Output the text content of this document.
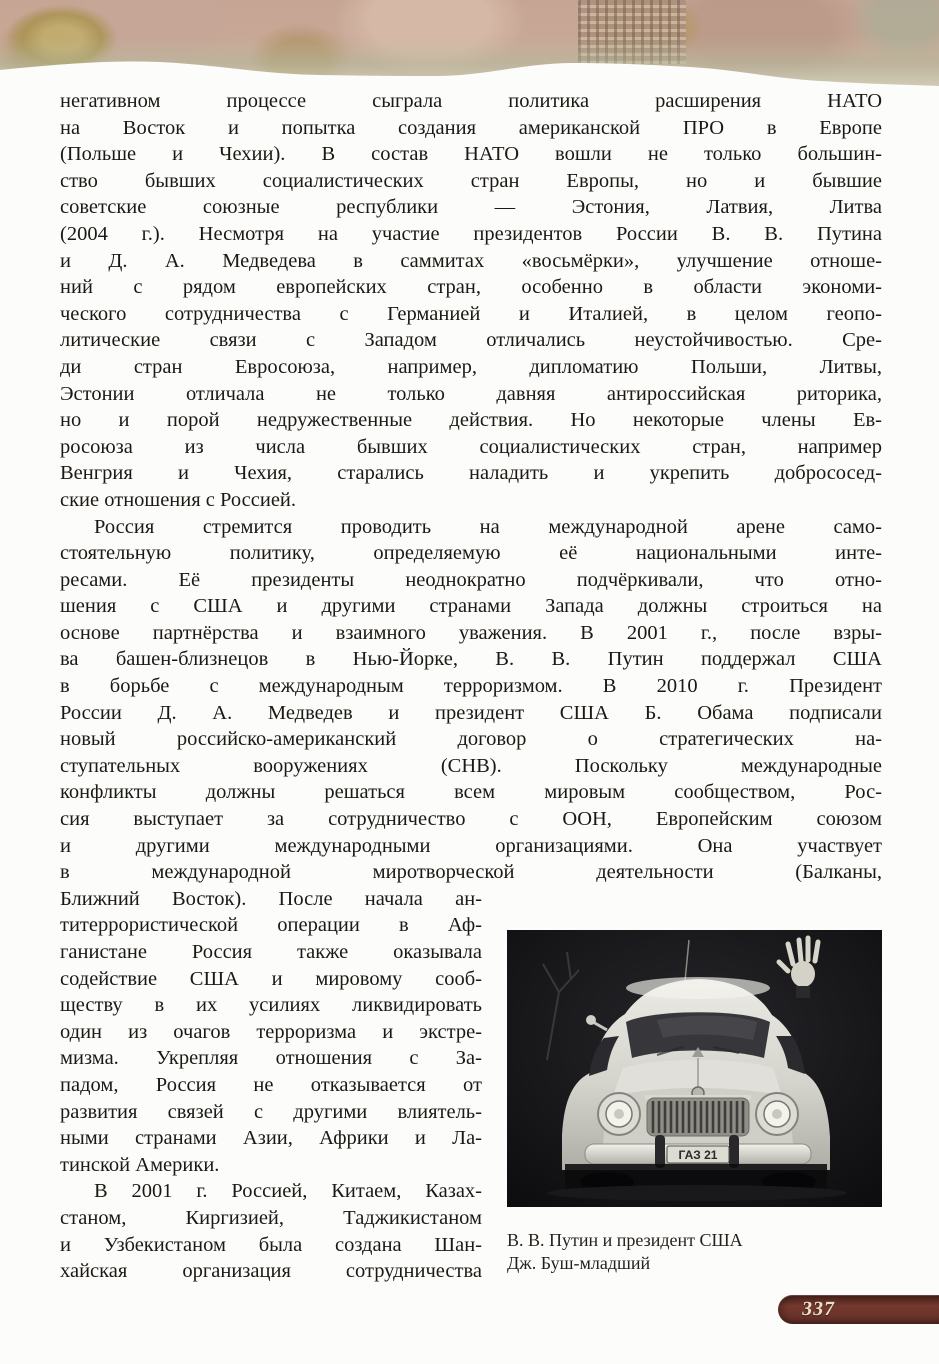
негативном процессе сыграла политика расширения НАТО
на Восток и попытка создания американской ПРО в Европе
(Польше и Чехии). В состав НАТО вошли не только большин-
ство бывших социалистических стран Европы, но и бывшие
советские союзные республики — Эстония, Латвия, Литва
(2004 г.). Несмотря на участие президентов России В. В. Путина
и Д. А. Медведева в саммитах «восьмёрки», улучшение отноше-
ний с рядом европейских стран, особенно в области экономи-
ческого сотрудничества с Германией и Италией, в целом геопо-
литические связи с Западом отличались неустойчивостью. Сре-
ди стран Евросоюза, например, дипломатию Польши, Литвы,
Эстонии отличала не только давняя антироссийская риторика,
но и порой недружественные действия. Но некоторые члены Ев-
росоюза из числа бывших социалистических стран, например
Венгрия и Чехия, старались наладить и укрепить добрососед-
ские отношения с Россией.
Россия стремится проводить на международной арене само-
стоятельную политику, определяемую её национальными инте-
ресами. Её президенты неоднократно подчёркивали, что отно-
шения с США и другими странами Запада должны строиться на
основе партнёрства и взаимного уважения. В 2001 г., после взры-
ва башен-близнецов в Нью-Йорке, В. В. Путин поддержал США
в борьбе с международным терроризмом. В 2010 г. Президент
России Д. А. Медведев и президент США Б. Обама подписали
новый российско-американский договор о стратегических на-
ступательных вооружениях (СНВ). Поскольку международные
конфликты должны решаться всем мировым сообществом, Рос-
сия выступает за сотрудничество с ООН, Европейским союзом
и другими международными организациями. Она участвует
в международной миротворческой деятельности (Балканы,
ГАЗ 21
В. В. Путин и президент США
Дж. Буш-младший
Ближний Восток). После начала ан-
титеррористической операции в Аф-
ганистане Россия также оказывала
содействие США и мировому сооб-
ществу в их усилиях ликвидировать
один из очагов терроризма и экстре-
мизма. Укрепляя отношения с За-
падом, Россия не отказывается от
развития связей с другими влиятель-
ными странами Азии, Африки и Ла-
тинской Америки.
В 2001 г. Россией, Китаем, Казах-
станом, Киргизией, Таджикистаном
и Узбекистаном была создана Шан-
хайская организация сотрудничества
337
